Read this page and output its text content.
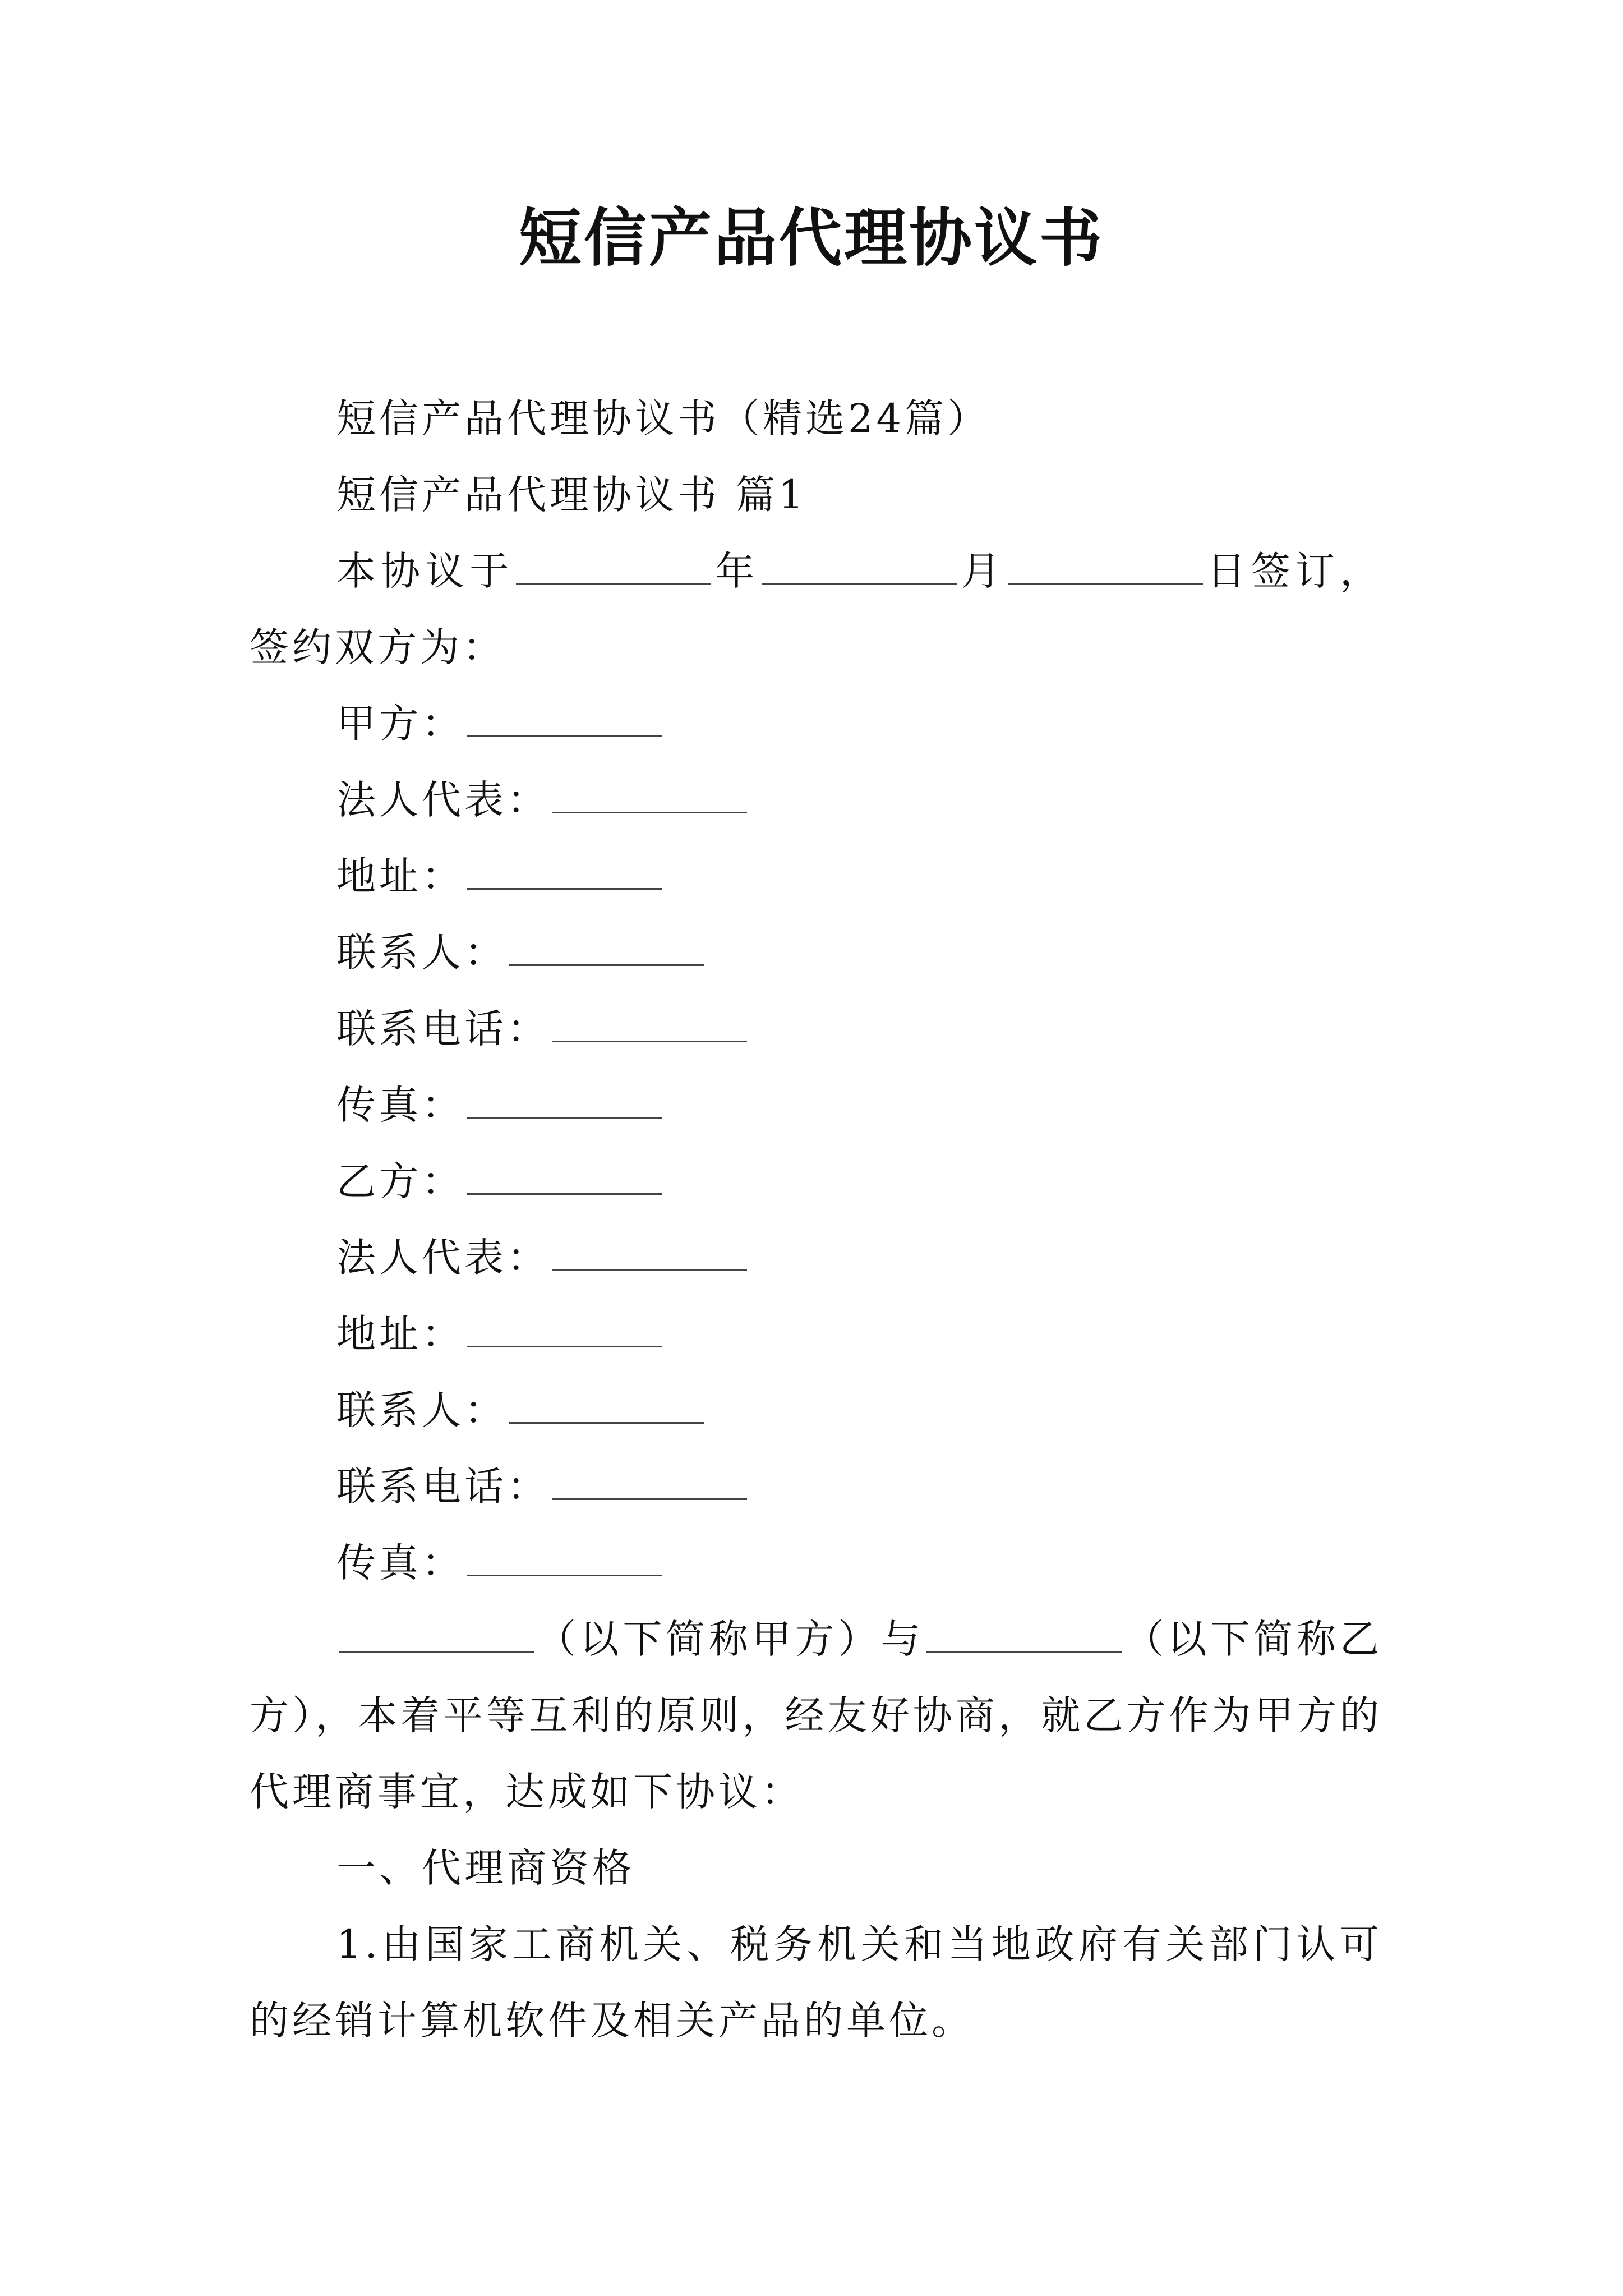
短信产品代理协议书

短信产品代理协议书（精选24篇）

短信产品代理协议书 篇1

本协议于	年	月	日签订，签约双方为：

甲方：

法人代表：

地址：

联系人：

联系电话：

传真：

乙方：

法人代表：

地址：

联系人：

联系电话：

传真：

（以下简称甲方）与	（以下简称乙方），本着平等互利的原则，经友好协商，就乙方作为甲方的代理商事宜，达成如下协议：

一、代理商资格

1.由国家工商机关、税务机关和当地政府有关部门认可的经销计算机软件及相关产品的单位。
